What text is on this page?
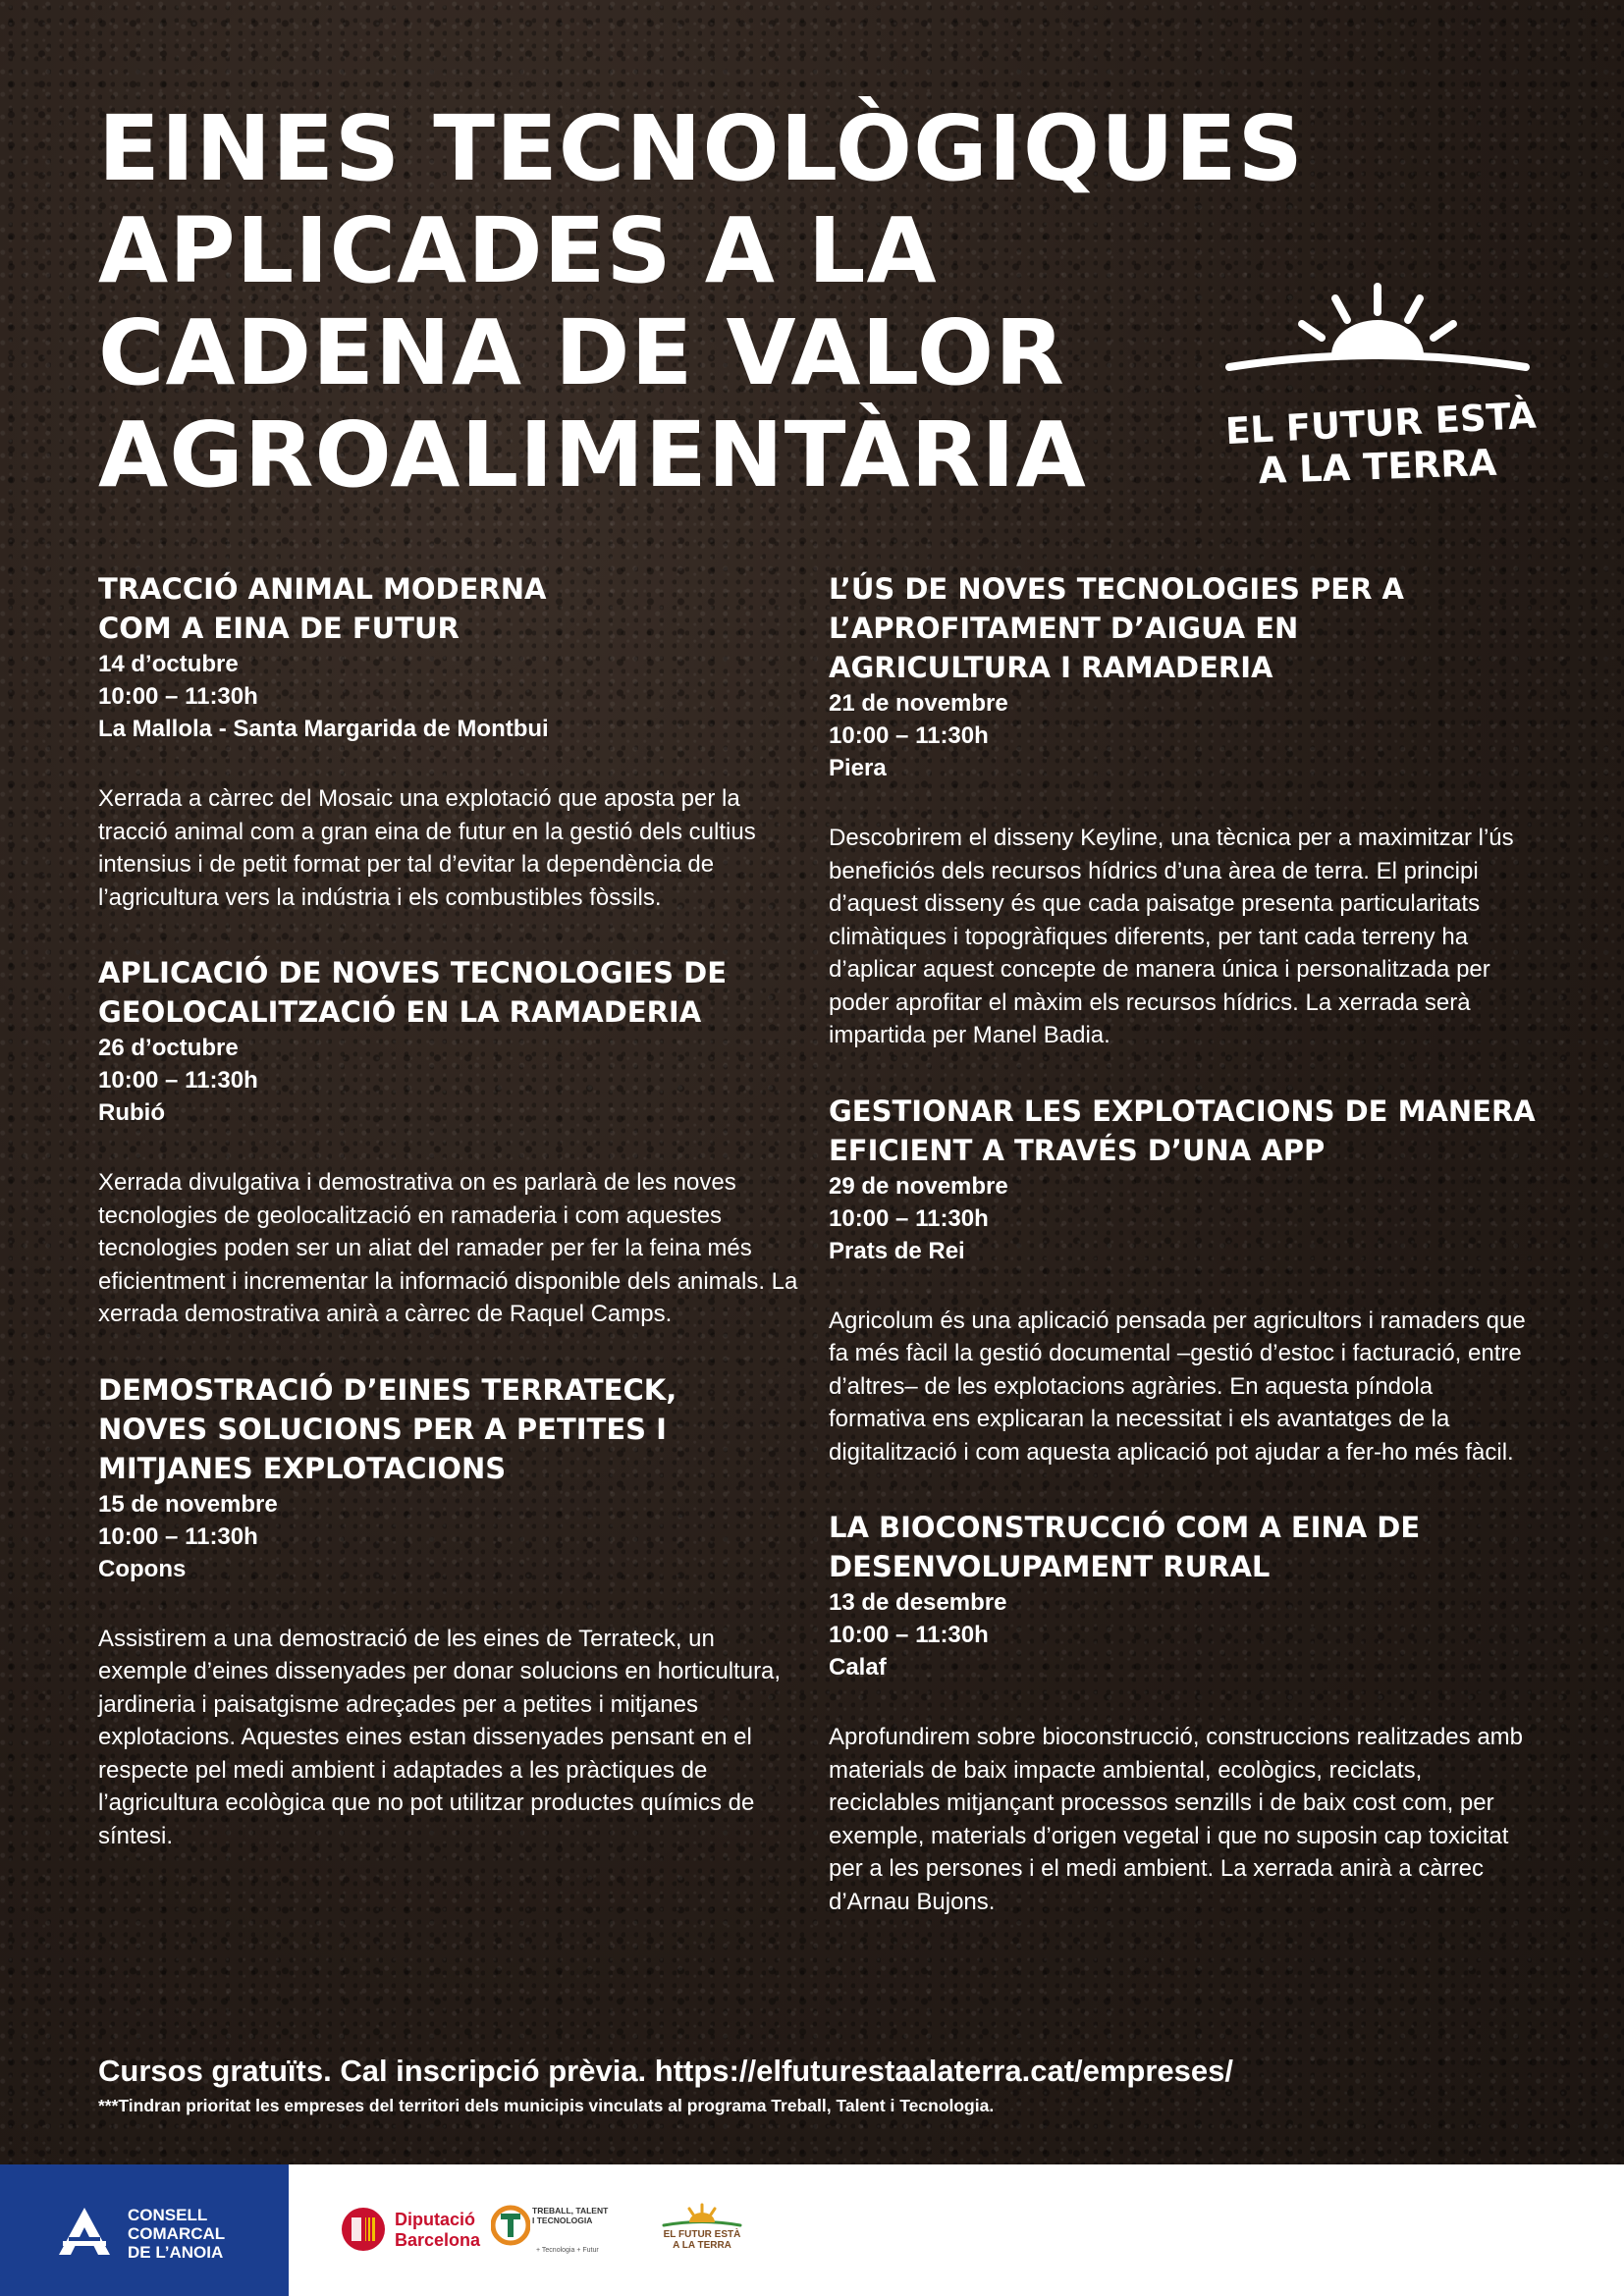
EINES TECNOLÒGIQUES
APLICADES A LA
CADENA DE VALOR
AGROALIMENTÀRIA	EL FUTUR ESTÀ
A LA TERRA
TRACCIÓ ANIMAL MODERNA
COM A EINA DE FUTUR
14 d’octubre
10:00 – 11:30h
La Mallola - Santa Margarida de Montbui

Xerrada a càrrec del Mosaic una explotació que aposta per la tracció animal com a gran eina de futur en la gestió dels cultius intensius i de petit format per tal d’evitar la dependència de l’agricultura vers la indústria i els combustibles fòssils.

APLICACIÓ DE NOVES TECNOLOGIES DE
GEOLOCALITZACIÓ EN LA RAMADERIA
26 d’octubre
10:00 – 11:30h
Rubió

Xerrada divulgativa i demostrativa on es parlarà de les noves tecnologies de geolocalització en ramaderia i com aquestes tecnologies poden ser un aliat del ramader per fer la feina més eficientment i incrementar la informació disponible dels animals. La xerrada demostrativa anirà a càrrec de Raquel Camps.

DEMOSTRACIÓ D’EINES TERRATECK,
NOVES SOLUCIONS PER A PETITES I
MITJANES EXPLOTACIONS
15 de novembre
10:00 – 11:30h
Copons

Assistirem a una demostració de les eines de Terrateck, un exemple d’eines dissenyades per donar solucions en horticultura, jardineria i paisatgisme adreçades per a petites i mitjanes explotacions. Aquestes eines estan dissenyades pensant en el respecte pel medi ambient i adaptades a les pràctiques de l’agricultura ecològica que no pot utilitzar productes químics de síntesi.

L’ÚS DE NOVES TECNOLOGIES PER A
L’APROFITAMENT D’AIGUA EN
AGRICULTURA I RAMADERIA
21 de novembre
10:00 – 11:30h
Piera

Descobrirem el disseny Keyline, una tècnica per a maximitzar l’ús beneficiós dels recursos hídrics d’una àrea de terra. El principi d’aquest disseny és que cada paisatge presenta particularitats climàtiques i topogràfiques diferents, per tant cada terreny ha d’aplicar aquest concepte de manera única i personalitzada per poder aprofitar el màxim els recursos hídrics. La xerrada serà impartida per Manel Badia.

GESTIONAR LES EXPLOTACIONS DE MANERA
EFICIENT A TRAVÉS D’UNA APP
29 de novembre
10:00 – 11:30h
Prats de Rei

Agricolum és una aplicació pensada per agricultors i ramaders que fa més fàcil la gestió documental –gestió d’estoc i facturació, entre d’altres– de les explotacions agràries. En aquesta píndola formativa ens explicaran la necessitat i els avantatges de la digitalització i com aquesta aplicació pot ajudar a fer-ho més fàcil.

LA BIOCONSTRUCCIÓ COM A EINA DE
DESENVOLUPAMENT RURAL
13 de desembre
10:00 – 11:30h
Calaf

Aprofundirem sobre bioconstrucció, construccions realitzades amb materials de baix impacte ambiental, ecològics, reciclats, reciclables mitjançant processos senzills i de baix cost com, per exemple, materials d’origen vegetal i que no suposin cap toxicitat per a les persones i el medi ambient. La xerrada anirà a càrrec d’Arnau Bujons.

Cursos gratuïts. Cal inscripció prèvia. https://elfuturestaalaterra.cat/empreses/
***Tindran prioritat les empreses del territori dels municipis vinculats al programa Treball, Talent i Tecnologia.
CONSELL
COMARCAL
DE L’ANOIA
Diputació
Barcelona
TREBALL, TALENT
I TECNOLOGIA
+ Tecnologia + Futur
EL FUTUR ESTÀ
A LA TERRA
